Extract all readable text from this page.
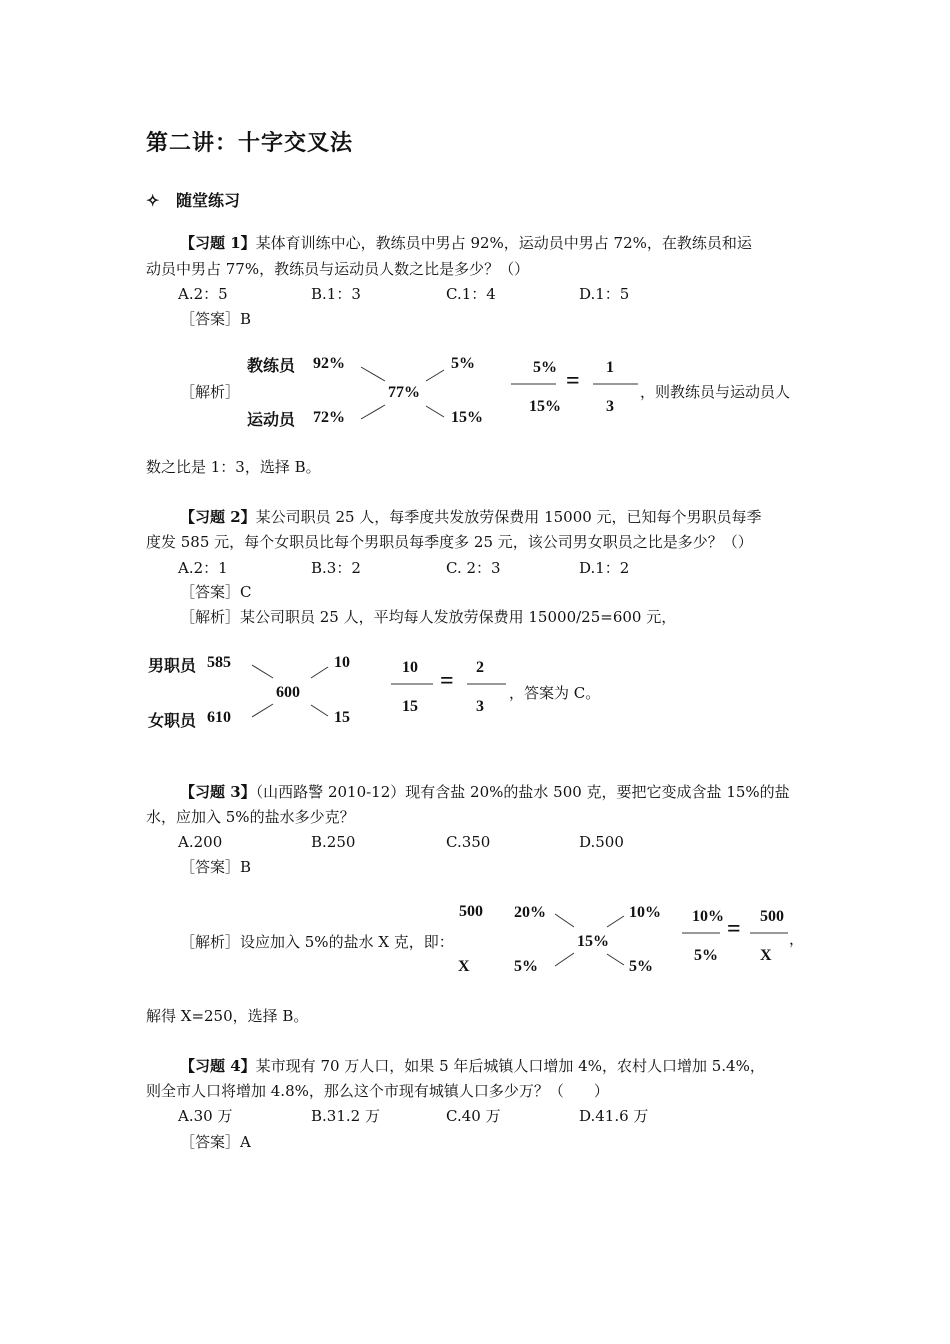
第二讲：十字交叉法
✧ 随堂练习
【习题 1】某体育训练中心，教练员中男占 92%，运动员中男占 72%，在教练员和运
动员中男占 77%，教练员与运动员人数之比是多少？（）
A.2：5	B.1：3	C.1：4	D.1：5
［答案］B
［解析］
教练员
运动员
92%
72%
77%
5%
15%
5%
15%
=
1
3
，则教练员与运动员人
数之比是 1：3，选择 B。
【习题 2】某公司职员 25 人，每季度共发放劳保费用 15000 元，已知每个男职员每季
度发 585 元，每个女职员比每个男职员每季度多 25 元，该公司男女职员之比是多少？（）
A.2：1	B.3：2	C. 2：3	D.1：2
［答案］C
［解析］某公司职员 25 人，平均每人发放劳保费用 15000/25=600 元，
男职员
女职员
585
610
600
10
15
10
15
=
2
3
，答案为 C。
【习题 3】（山西路警 2010-12）现有含盐 20%的盐水 500 克，要把它变成含盐 15%的盐
水，应加入 5%的盐水多少克？
A.200	B.250	C.350	D.500
［答案］B
［解析］设应加入 5%的盐水 X 克，即：
500
X
20%
5%
15%
10%
5%
10%
5%
= 500
X
，
解得 X=250，选择 B。
【习题 4】某市现有 70 万人口，如果 5 年后城镇人口增加 4%，农村人口增加 5.4%，
则全市人口将增加 4.8%，那么这个市现有城镇人口多少万？（　　）
A.30 万	B.31.2 万	C.40 万	D.41.6 万
［答案］A
